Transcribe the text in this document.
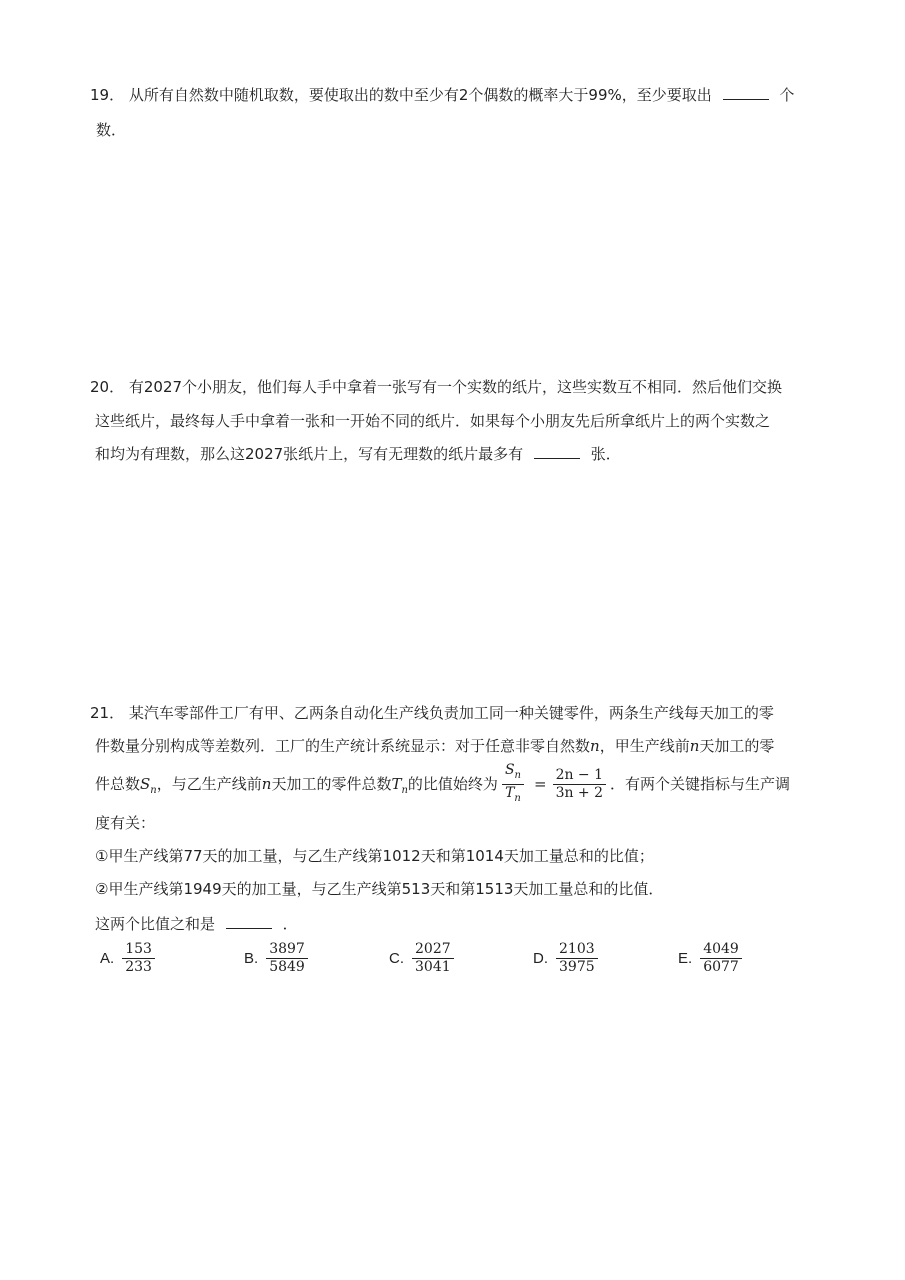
19． 从所有自然数中随机取数，要使取出的数中至少有2个偶数的概率大于99%，至少要取出	个
数．
20． 有2027个小朋友，他们每人手中拿着一张写有一个实数的纸片，这些实数互不相同．然后他们交换
这些纸片，最终每人手中拿着一张和一开始不同的纸片．如果每个小朋友先后所拿纸片上的两个实数之
和均为有理数，那么这2027张纸片上，写有无理数的纸片最多有	张．
21． 某汽车零部件工厂有甲、乙两条自动化生产线负责加工同一种关键零件，两条生产线每天加工的零
件数量分别构成等差数列．工厂的生产统计系统显示：对于任意非零自然数n，甲生产线前n天加工的零
件总数$S_n$，与乙生产线前n天加工的零件总数$T_n$的比值始终为 $\frac{S_n}{T_n} = \frac{2n - 1}{3n + 2}$ ．有两个关键指标与生产调
度有关：
①甲生产线第77天的加工量，与乙生产线第1012天和第1014天加工量总和的比值；
②甲生产线第1949天的加工量，与乙生产线第513天和第1513天加工量总和的比值．
这两个比值之和是	．
A. $\frac{153}{233}$	B. $\frac{3897}{5849}$	C. $\frac{2027}{3041}$	D. $\frac{2103}{3975}$	E. $\frac{4049}{6077}$
